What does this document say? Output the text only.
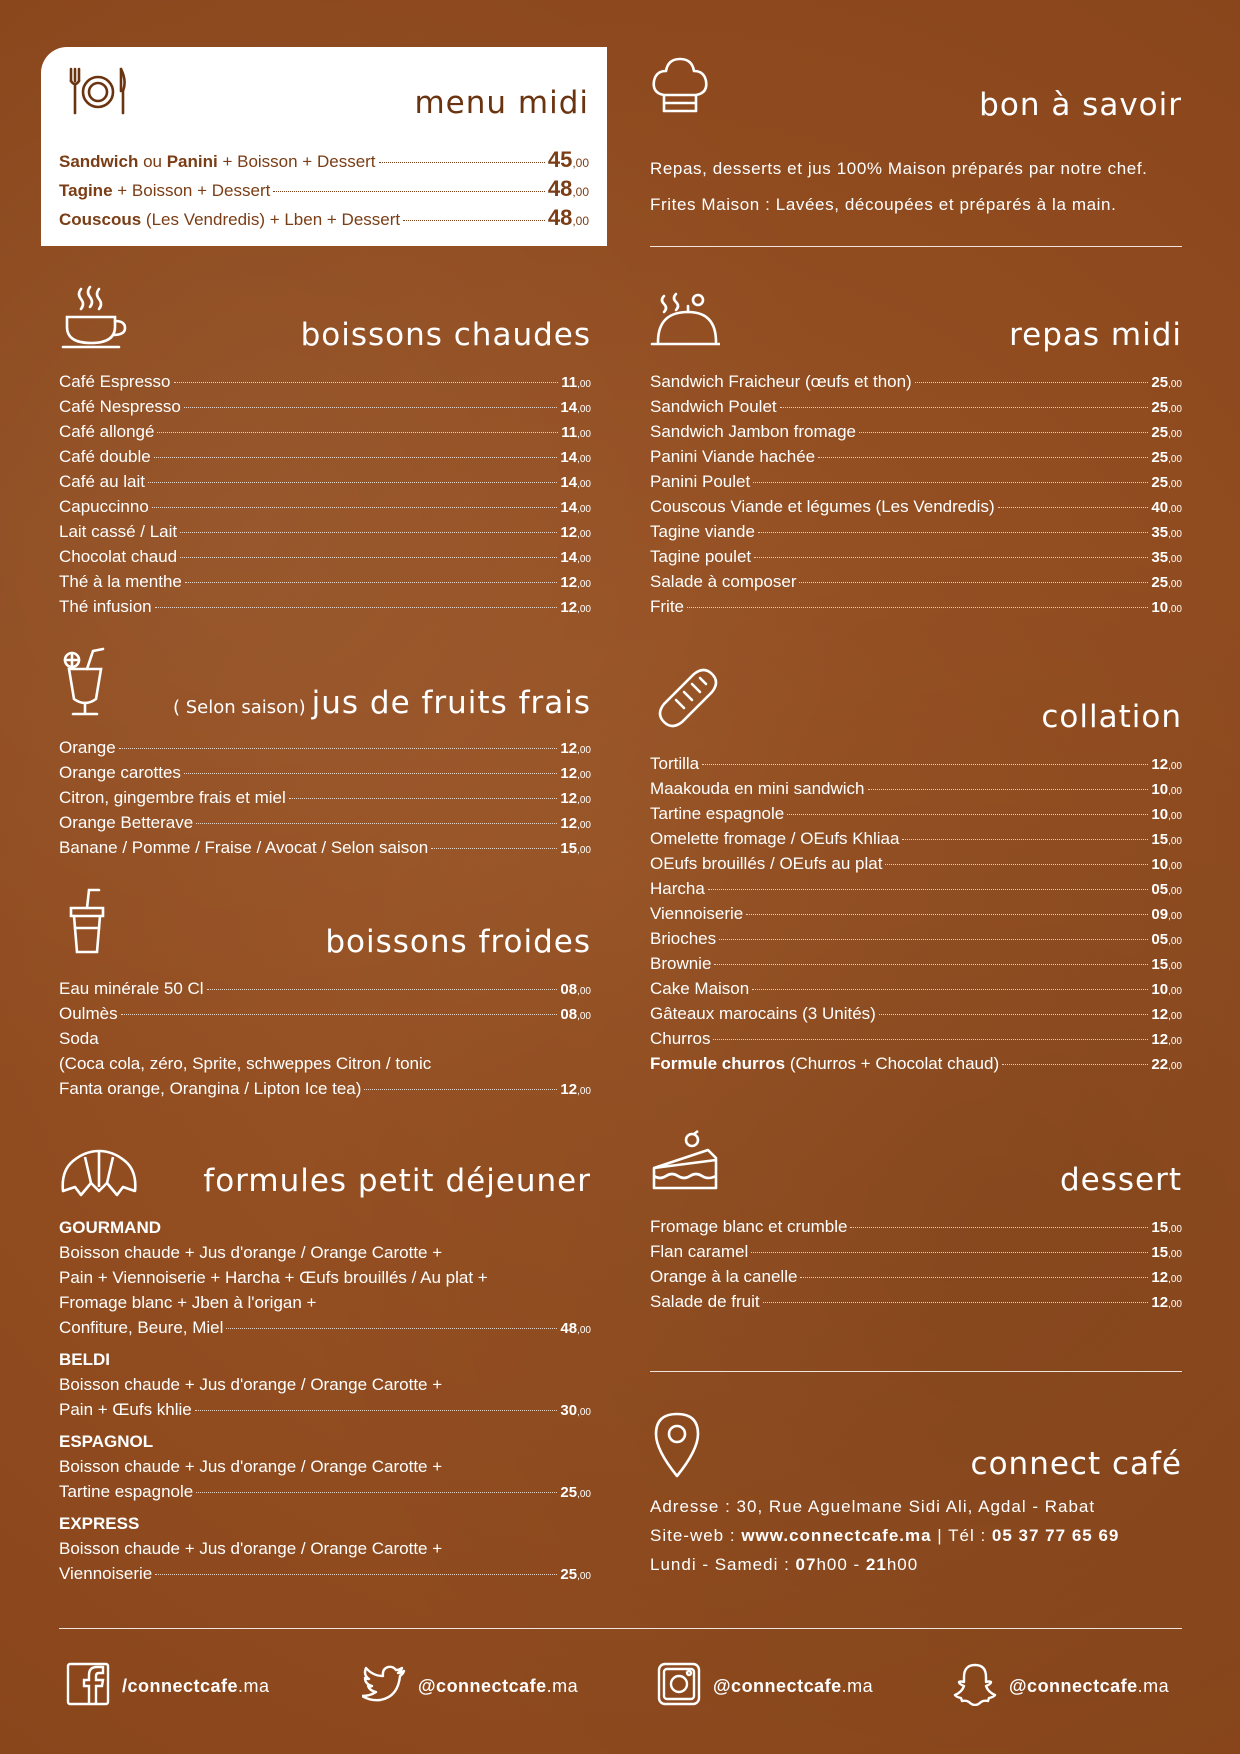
menu midi
Sandwich ou Panini + Boisson + Dessert	45,00
Tagine + Boisson + Dessert	48,00
Couscous (Les Vendredis) + Lben + Dessert	48,00
boissons chaudes
Café Espresso	11,00
Café Nespresso	14,00
Café allongé	11,00
Café double	14,00
Café au lait	14,00
Capuccinno	14,00
Lait cassé / Lait	12,00
Chocolat chaud	14,00
Thé à la menthe	12,00
Thé infusion	12,00
( Selon saison) jus de fruits frais
Orange	12,00
Orange carottes	12,00
Citron, gingembre frais et miel	12,00
Orange Betterave	12,00
Banane / Pomme / Fraise / Avocat / Selon saison	15,00
boissons froides
Eau minérale 50 Cl	08,00
Oulmès	08,00
Soda
(Coca cola, zéro, Sprite, schweppes Citron / tonic
Fanta orange, Orangina / Lipton Ice tea)	12,00
formules petit déjeuner
GOURMAND
Boisson chaude + Jus d'orange / Orange Carotte +
Pain + Viennoiserie + Harcha + Œufs brouillés / Au plat +
Fromage blanc + Jben à l'origan +
Confiture, Beure, Miel	48,00
BELDI
Boisson chaude + Jus d'orange / Orange Carotte +
Pain + Œufs khlie	30,00
ESPAGNOL
Boisson chaude + Jus d'orange / Orange Carotte +
Tartine espagnole	25,00
EXPRESS
Boisson chaude + Jus d'orange / Orange Carotte +
Viennoiserie	25,00
bon à savoir
Repas, desserts et jus 100% Maison préparés par notre chef.
Frites Maison : Lavées, découpées et préparés à la main.
repas midi
Sandwich Fraicheur (œufs et thon)	25,00
Sandwich Poulet	25,00
Sandwich Jambon fromage	25,00
Panini Viande hachée	25,00
Panini Poulet	25,00
Couscous Viande et légumes (Les Vendredis)	40,00
Tagine viande	35,00
Tagine poulet	35,00
Salade à composer	25,00
Frite	10,00
collation
Tortilla	12,00
Maakouda en mini sandwich	10,00
Tartine espagnole	10,00
Omelette fromage / OEufs Khliaa	15,00
OEufs brouillés / OEufs au plat	10,00
Harcha	05,00
Viennoiserie	09,00
Brioches	05,00
Brownie	15,00
Cake Maison	10,00
Gâteaux marocains (3 Unités)	12,00
Churros	12,00
Formule churros (Churros + Chocolat chaud)	22,00
dessert
Fromage blanc et crumble	15,00
Flan caramel	15,00
Orange à la canelle	12,00
Salade de fruit	12,00
connect café
Adresse : 30, Rue Aguelmane Sidi Ali, Agdal - Rabat
Site-web : www.connectcafe.ma | Tél : 05 37 77 65 69
Lundi - Samedi : 07h00 - 21h00
/connectcafe.ma	@connectcafe.ma	@connectcafe.ma	@connectcafe.ma
